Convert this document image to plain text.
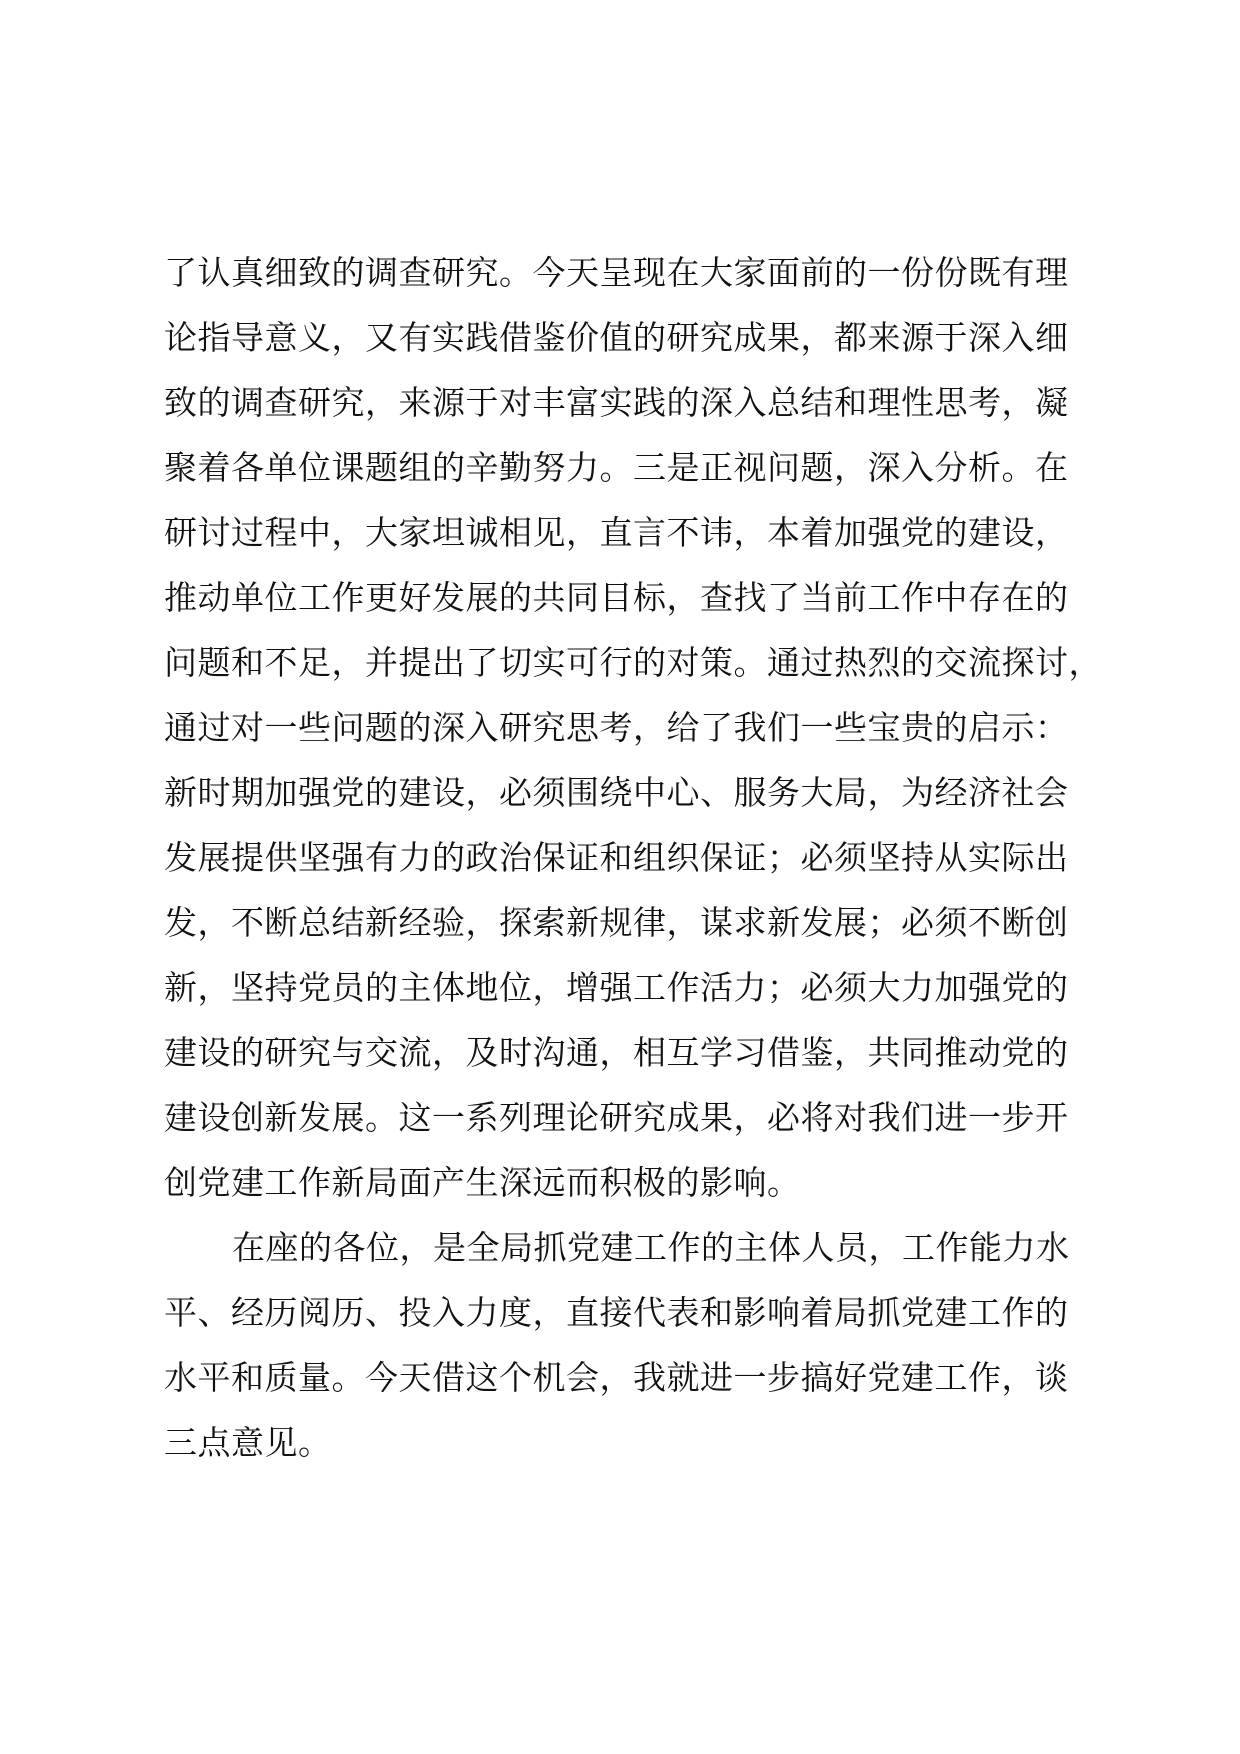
了认真细致的调查研究。今天呈现在大家面前的一份份既有理
论指导意义，又有实践借鉴价值的研究成果，都来源于深入细
致的调查研究，来源于对丰富实践的深入总结和理性思考，凝
聚着各单位课题组的辛勤努力。三是正视问题，深入分析。在
研讨过程中，大家坦诚相见，直言不讳，本着加强党的建设，
推动单位工作更好发展的共同目标，查找了当前工作中存在的
问题和不足，并提出了切实可行的对策。通过热烈的交流探讨，
通过对一些问题的深入研究思考，给了我们一些宝贵的启示：
新时期加强党的建设，必须围绕中心、服务大局，为经济社会
发展提供坚强有力的政治保证和组织保证；必须坚持从实际出
发，不断总结新经验，探索新规律，谋求新发展；必须不断创
新，坚持党员的主体地位，增强工作活力；必须大力加强党的
建设的研究与交流，及时沟通，相互学习借鉴，共同推动党的
建设创新发展。这一系列理论研究成果，必将对我们进一步开
创党建工作新局面产生深远而积极的影响。
在座的各位，是全局抓党建工作的主体人员，工作能力水
平、经历阅历、投入力度，直接代表和影响着局抓党建工作的
水平和质量。今天借这个机会，我就进一步搞好党建工作，谈
三点意见。
